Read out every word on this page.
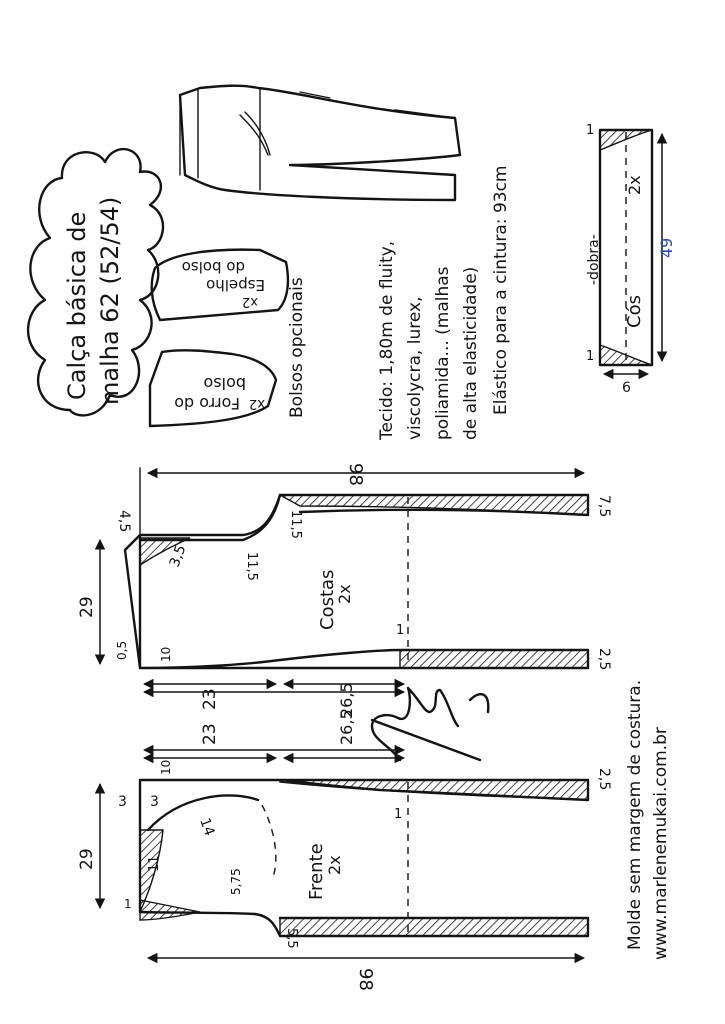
Calça básica de malha 62 (52/54)	Espelho
do bolso
x2
Forro do
bolso
x2 Bolsos opcionais	Tecido: 1,80m de fluity, viscolycra, lurex, poliamida... (malhas de alta elasticidade) Elástico para a cintura: 93cm	Cós
2x
-dobra-	49
6
1
1
Costas
2x
98
29
23	26,5
7,5
2,5
4,5
3,5
11,5
11,5
0,5	10
1
Frente
2x
98
29
23	26,5
2,5
5,5
3 3
10
14
11
5,75
1
1	Molde sem margem de costura. www.marlenemukai.com.br
